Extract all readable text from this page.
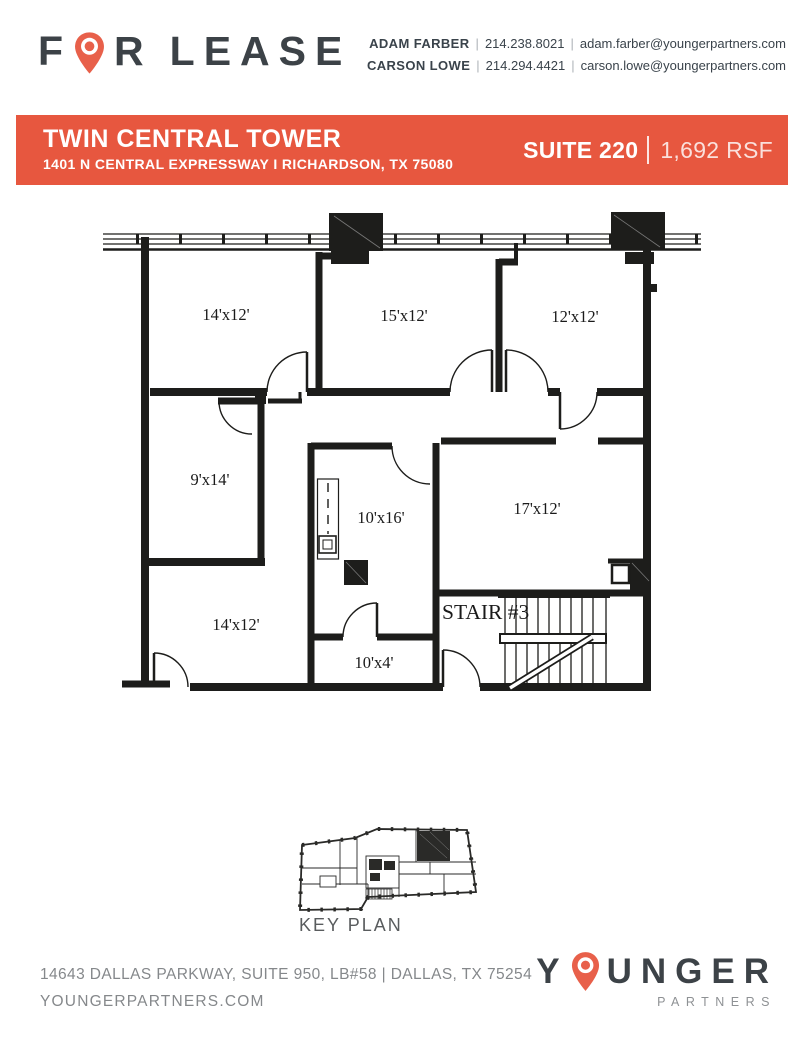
F R LEASE ADAM FARBER | 214.238.8021 | adam.farber@youngerpartners.com
CARSON LOWE | 214.294.4421 | carson.lowe@youngerpartners.com
TWIN CENTRAL TOWER
1401 N CENTRAL EXPRESSWAY I RICHARDSON, TX 75080
SUITE 220 1,692 RSF
14'x12'	15'x12'	12'x12'
9'x14'
10'x16'	17'x12'
14'x12'
10'x4'
STAIR #3
KEY PLAN
14643 DALLAS PARKWAY, SUITE 950, LB#58 | DALLAS, TX 75254
YOUNGERPARTNERS.COM
Y UNGER
PARTNERS
